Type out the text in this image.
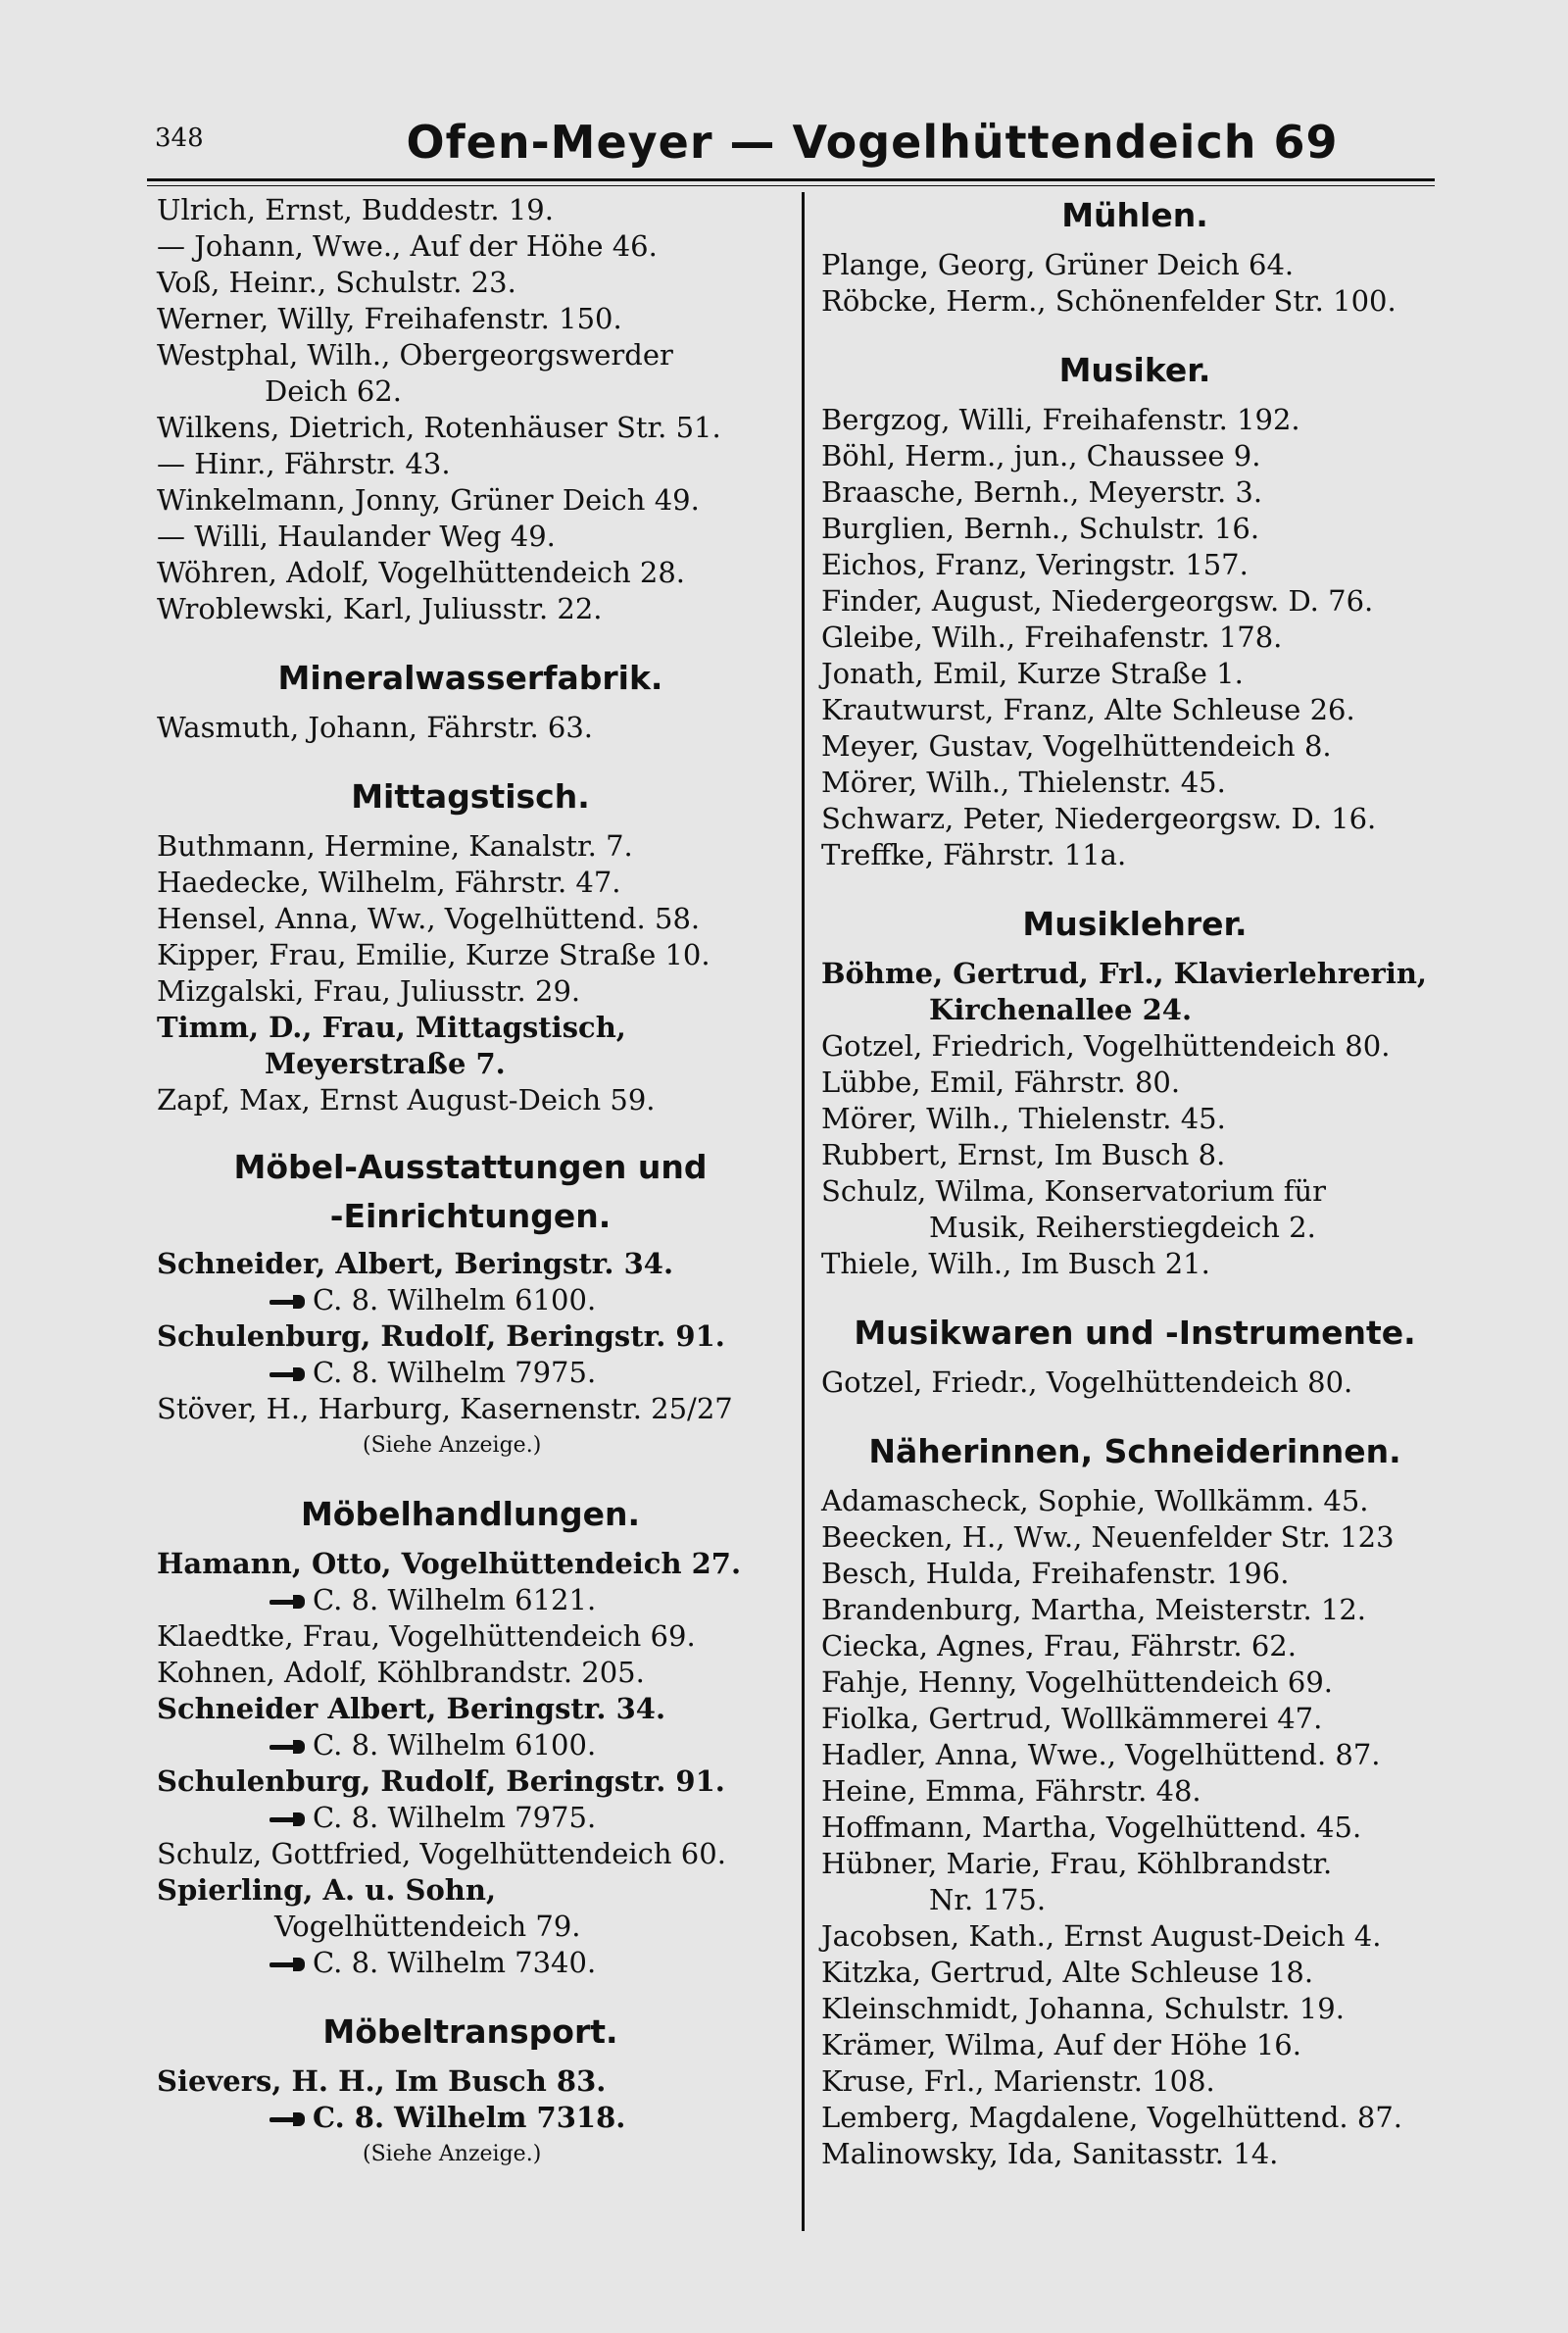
348	Ofen-Meyer — Vogelhüttendeich 69
Ulrich, Ernst, Buddestr. 19.
— Johann, Wwe., Auf der Höhe 46.
Voß, Heinr., Schulstr. 23.
Werner, Willy, Freihafenstr. 150.
Westphal, Wilh., Obergeorgswerder
Deich 62.
Wilkens, Dietrich, Rotenhäuser Str. 51.
— Hinr., Fährstr. 43.
Winkelmann, Jonny, Grüner Deich 49.
— Willi, Haulander Weg 49.
Wöhren, Adolf, Vogelhüttendeich 28.
Wroblewski, Karl, Juliusstr. 22.
Mineralwasserfabrik.
Wasmuth, Johann, Fährstr. 63.
Mittagstisch.
Buthmann, Hermine, Kanalstr. 7.
Haedecke, Wilhelm, Fährstr. 47.
Hensel, Anna, Ww., Vogelhüttend. 58.
Kipper, Frau, Emilie, Kurze Straße 10.
Mizgalski, Frau, Juliusstr. 29.
Timm, D., Frau, Mittagstisch,
Meyerstraße 7.
Zapf, Max, Ernst August-Deich 59.
Möbel-Ausstattungen und
-Einrichtungen.
Schneider, Albert, Beringstr. 34.
C. 8. Wilhelm 6100.
Schulenburg, Rudolf, Beringstr. 91.
C. 8. Wilhelm 7975.
Stöver, H., Harburg, Kasernenstr. 25/27
(Siehe Anzeige.)
Möbelhandlungen.
Hamann, Otto, Vogelhüttendeich 27.
C. 8. Wilhelm 6121.
Klaedtke, Frau, Vogelhüttendeich 69.
Kohnen, Adolf, Köhlbrandstr. 205.
Schneider Albert, Beringstr. 34.
C. 8. Wilhelm 6100.
Schulenburg, Rudolf, Beringstr. 91.
C. 8. Wilhelm 7975.
Schulz, Gottfried, Vogelhüttendeich 60.
Spierling, A. u. Sohn,
Vogelhüttendeich 79.
C. 8. Wilhelm 7340.
Möbeltransport.
Sievers, H. H., Im Busch 83.
C. 8. Wilhelm 7318.
(Siehe Anzeige.)
Mühlen.
Plange, Georg, Grüner Deich 64.
Röbcke, Herm., Schönenfelder Str. 100.
Musiker.
Bergzog, Willi, Freihafenstr. 192.
Böhl, Herm., jun., Chaussee 9.
Braasche, Bernh., Meyerstr. 3.
Burglien, Bernh., Schulstr. 16.
Eichos, Franz, Veringstr. 157.
Finder, August, Niedergeorgsw. D. 76.
Gleibe, Wilh., Freihafenstr. 178.
Jonath, Emil, Kurze Straße 1.
Krautwurst, Franz, Alte Schleuse 26.
Meyer, Gustav, Vogelhüttendeich 8.
Mörer, Wilh., Thielenstr. 45.
Schwarz, Peter, Niedergeorgsw. D. 16.
Treffke, Fährstr. 11a.
Musiklehrer.
Böhme, Gertrud, Frl., Klavierlehrerin,
Kirchenallee 24.
Gotzel, Friedrich, Vogelhüttendeich 80.
Lübbe, Emil, Fährstr. 80.
Mörer, Wilh., Thielenstr. 45.
Rubbert, Ernst, Im Busch 8.
Schulz, Wilma, Konservatorium für
Musik, Reiherstiegdeich 2.
Thiele, Wilh., Im Busch 21.
Musikwaren und -Instrumente.
Gotzel, Friedr., Vogelhüttendeich 80.
Näherinnen, Schneiderinnen.
Adamascheck, Sophie, Wollkämm. 45.
Beecken, H., Ww., Neuenfelder Str. 123
Besch, Hulda, Freihafenstr. 196.
Brandenburg, Martha, Meisterstr. 12.
Ciecka, Agnes, Frau, Fährstr. 62.
Fahje, Henny, Vogelhüttendeich 69.
Fiolka, Gertrud, Wollkämmerei 47.
Hadler, Anna, Wwe., Vogelhüttend. 87.
Heine, Emma, Fährstr. 48.
Hoffmann, Martha, Vogelhüttend. 45.
Hübner, Marie, Frau, Köhlbrandstr.
Nr. 175.
Jacobsen, Kath., Ernst August-Deich 4.
Kitzka, Gertrud, Alte Schleuse 18.
Kleinschmidt, Johanna, Schulstr. 19.
Krämer, Wilma, Auf der Höhe 16.
Kruse, Frl., Marienstr. 108.
Lemberg, Magdalene, Vogelhüttend. 87.
Malinowsky, Ida, Sanitasstr. 14.
